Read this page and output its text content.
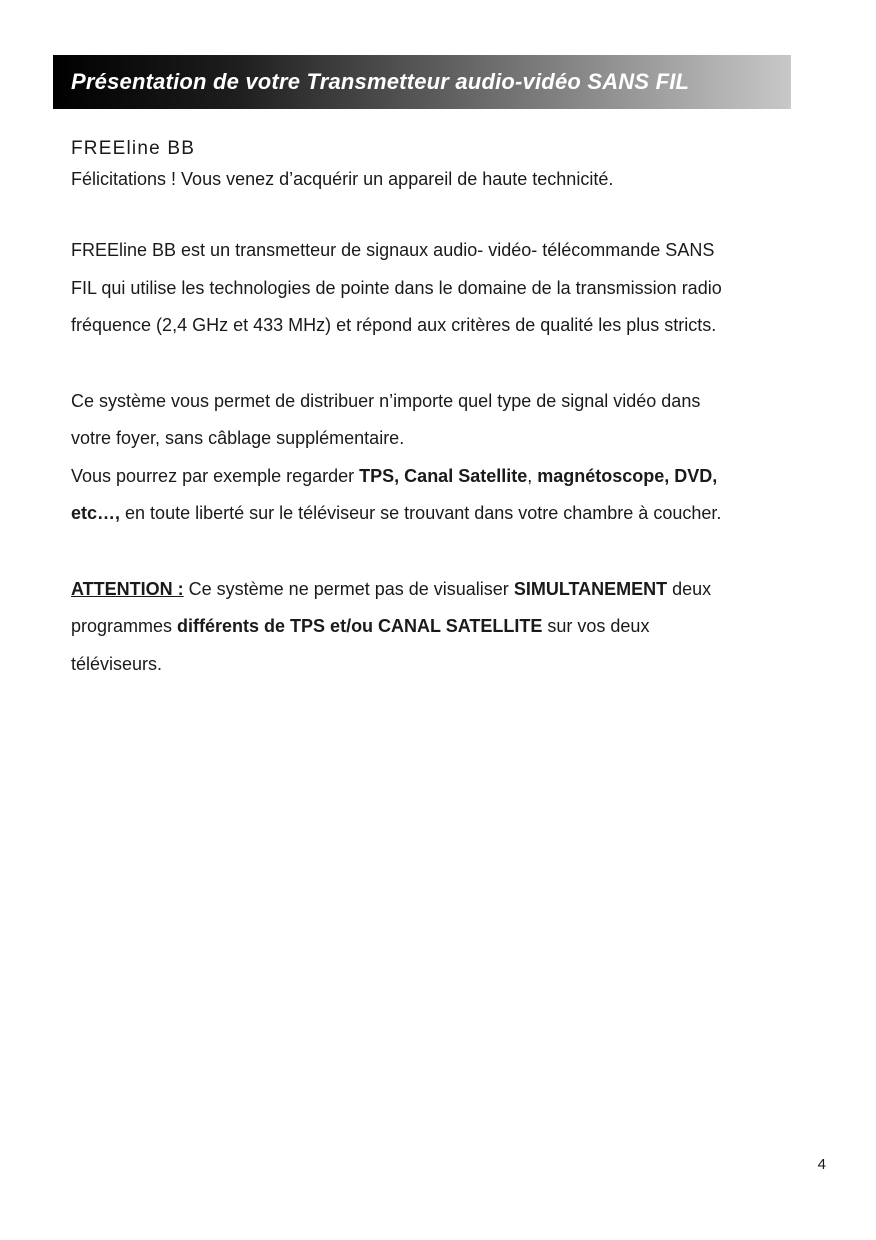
Présentation de votre Transmetteur audio-vidéo SANS FIL

FREEline BB

Félicitations ! Vous venez d’acquérir un appareil de haute technicité.

FREEline BB est un transmetteur de signaux audio- vidéo- télécommande SANS

FIL qui utilise les technologies de pointe dans le domaine de la transmission radio

fréquence (2,4 GHz et 433 MHz) et répond aux critères de qualité les plus stricts.

Ce système vous permet de distribuer n’importe quel type de signal vidéo dans

votre foyer, sans câblage supplémentaire.

Vous pourrez par exemple regarder TPS, Canal Satellite, magnétoscope, DVD,

etc…, en toute liberté sur le téléviseur se trouvant dans votre chambre à coucher.

ATTENTION : Ce système ne permet pas de visualiser SIMULTANEMENT deux

programmes différents de TPS et/ou CANAL SATELLITE sur vos deux

téléviseurs.

4
